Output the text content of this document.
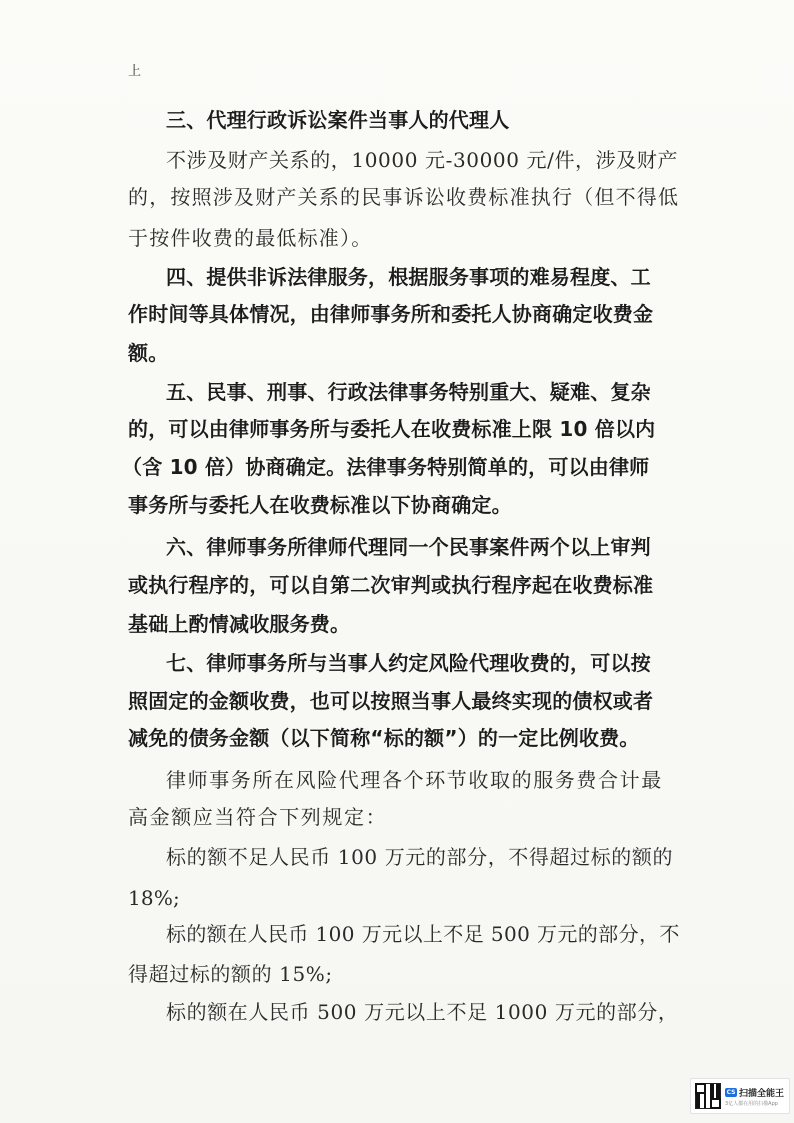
上
三、代理行政诉讼案件当事人的代理人
不涉及财产关系的，10000 元-30000 元/件，涉及财产
的，按照涉及财产关系的民事诉讼收费标准执行（但不得低
于按件收费的最低标准）。
四、提供非诉法律服务，根据服务事项的难易程度、工
作时间等具体情况，由律师事务所和委托人协商确定收费金
额。
五、民事、刑事、行政法律事务特别重大、疑难、复杂
的，可以由律师事务所与委托人在收费标准上限 10 倍以内
（含 10 倍）协商确定。法律事务特别简单的，可以由律师
事务所与委托人在收费标准以下协商确定。
六、律师事务所律师代理同一个民事案件两个以上审判
或执行程序的，可以自第二次审判或执行程序起在收费标准
基础上酌情减收服务费。
七、律师事务所与当事人约定风险代理收费的，可以按
照固定的金额收费，也可以按照当事人最终实现的债权或者
减免的债务金额（以下简称“标的额”）的一定比例收费。
律师事务所在风险代理各个环节收取的服务费合计最
高金额应当符合下列规定：
标的额不足人民币 100 万元的部分，不得超过标的额的
18%;
标的额在人民币 100 万元以上不足 500 万元的部分，不
得超过标的额的 15%;
标的额在人民币 500 万元以上不足 1000 万元的部分，
CS 扫描全能王
3亿人都在用的扫描App
